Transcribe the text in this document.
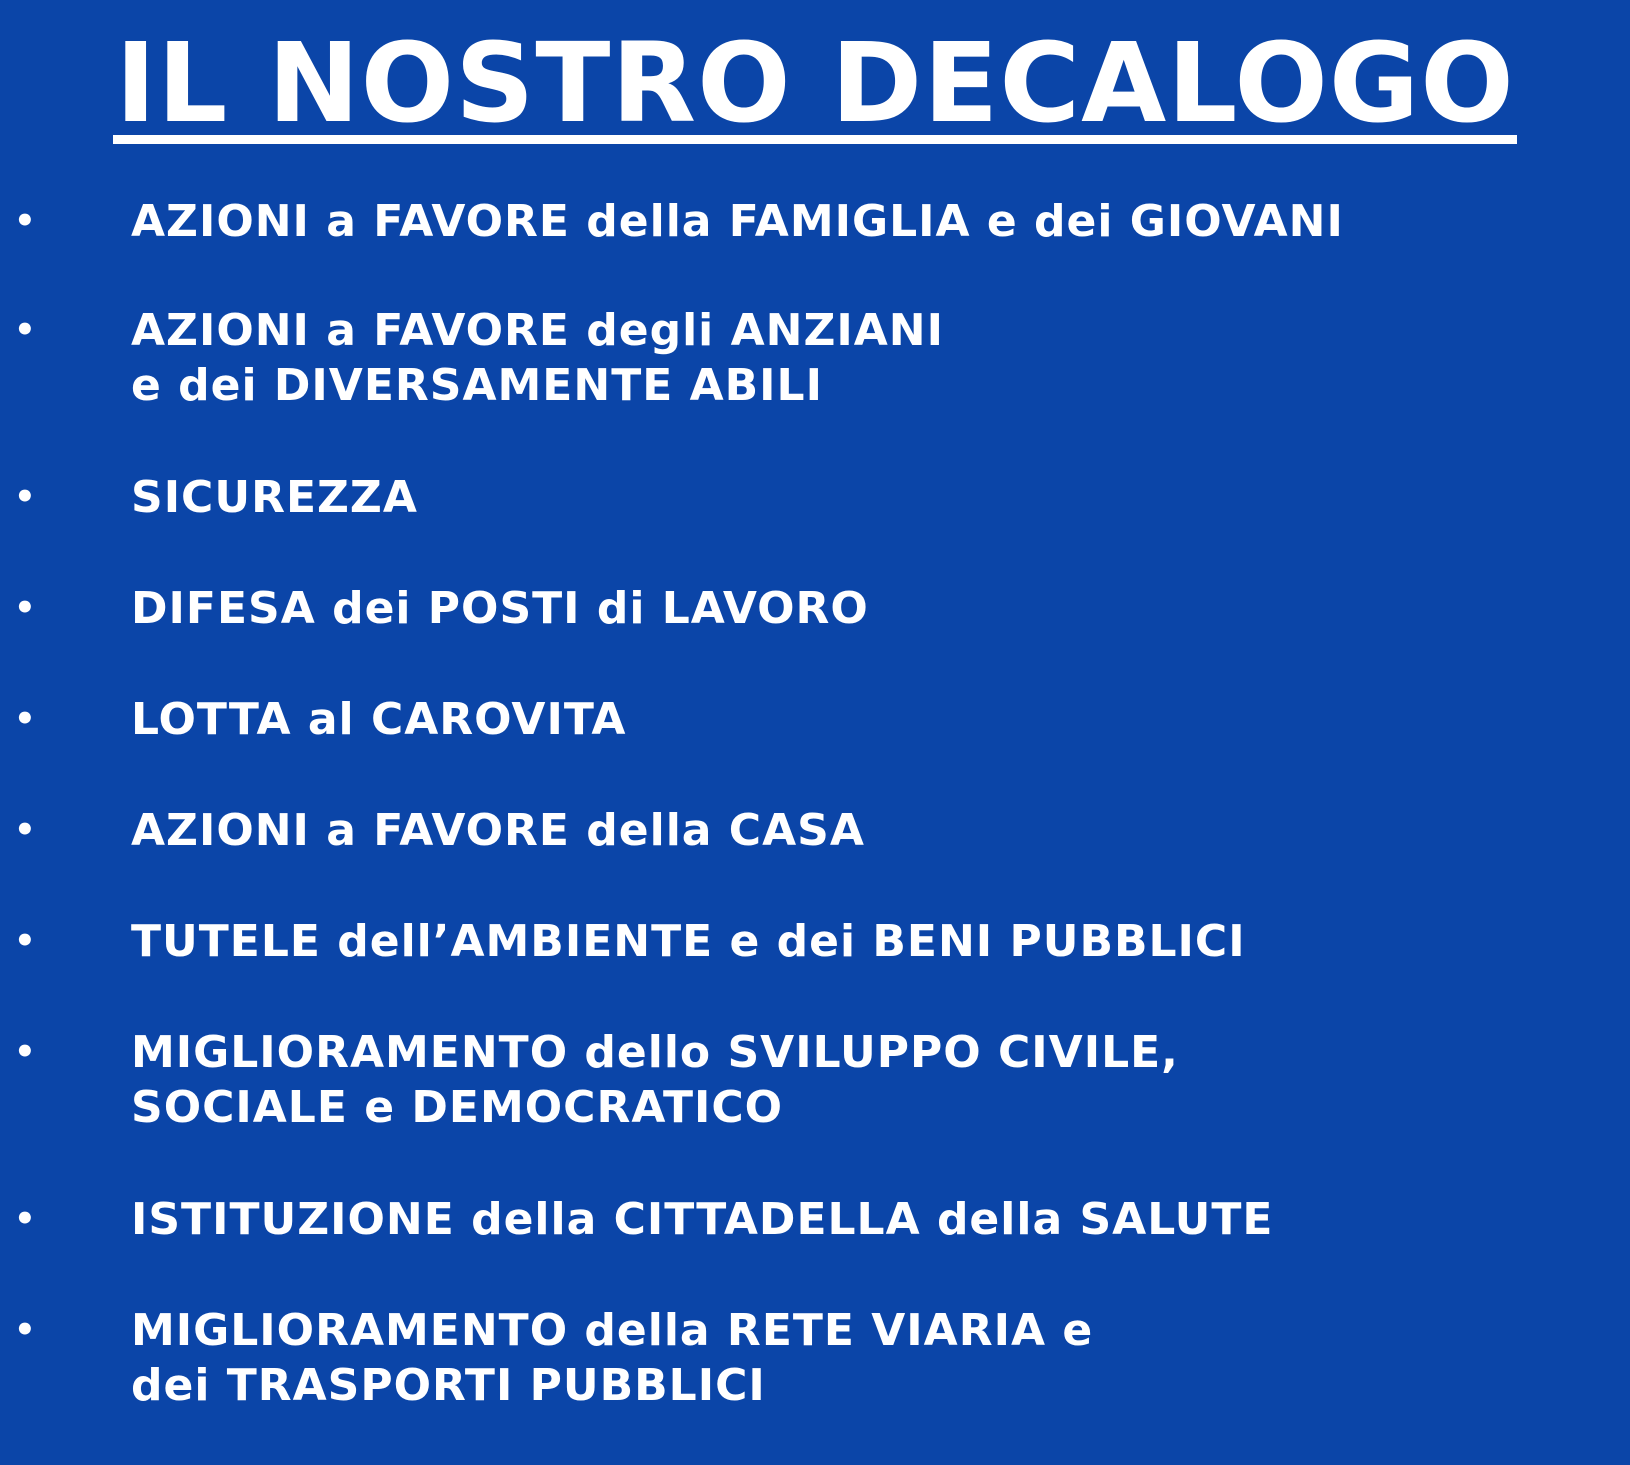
IL NOSTRO DECALOGO
• AZIONI a FAVORE della FAMIGLIA e dei GIOVANI
• AZIONI a FAVORE degli ANZIANI
e dei DIVERSAMENTE ABILI
• SICUREZZA
• DIFESA dei POSTI di LAVORO
• LOTTA al CAROVITA
• AZIONI a FAVORE della CASA
• TUTELE dell’AMBIENTE e dei BENI PUBBLICI
• MIGLIORAMENTO dello SVILUPPO CIVILE,
SOCIALE e DEMOCRATICO
• ISTITUZIONE della CITTADELLA della SALUTE
• MIGLIORAMENTO della RETE VIARIA e
dei TRASPORTI PUBBLICI
